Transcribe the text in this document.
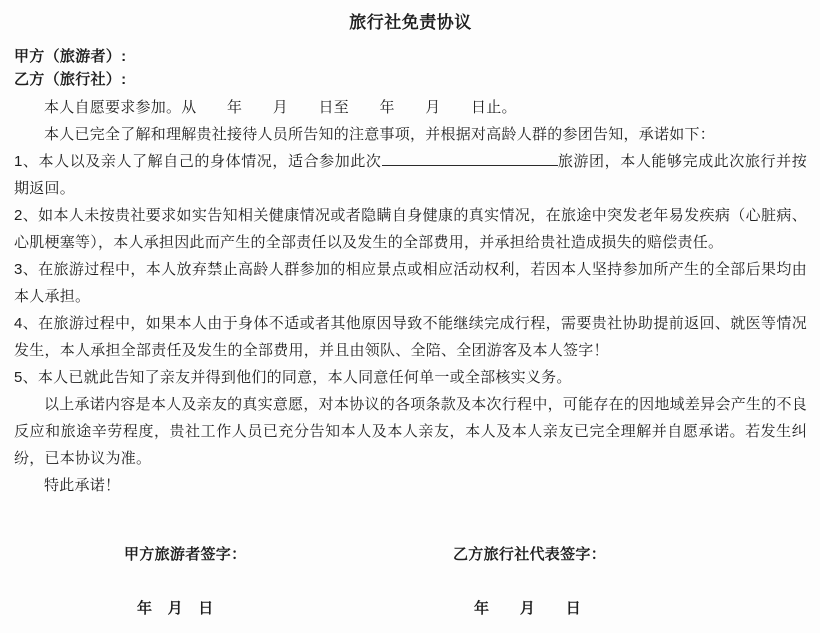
旅行社免责协议
甲方（旅游者）:
乙方（旅行社）:

本人自愿要求参加。从　　年　　月　　日至　　年　　月　　日止。

本人已完全了解和理解贵社接待人员所告知的注意事项，并根据对高龄人群的参团告知，承诺如下：

1、本人以及亲人了解自己的身体情况，适合参加此次	旅游团，本人能够完成此次旅行并按期返回。

2、如本人未按贵社要求如实告知相关健康情况或者隐瞒自身健康的真实情况，在旅途中突发老年易发疾病（心脏病、心肌梗塞等），本人承担因此而产生的全部责任以及发生的全部费用，并承担给贵社造成损失的赔偿责任。

3、在旅游过程中，本人放弃禁止高龄人群参加的相应景点或相应活动权利，若因本人坚持参加所产生的全部后果均由本人承担。

4、在旅游过程中，如果本人由于身体不适或者其他原因导致不能继续完成行程，需要贵社协助提前返回、就医等情况发生，本人承担全部责任及发生的全部费用，并且由领队、全陪、全团游客及本人签字！

5、本人已就此告知了亲友并得到他们的同意，本人同意任何单一或全部核实义务。

以上承诺内容是本人及亲友的真实意愿，对本协议的各项条款及本次行程中，可能存在的因地域差异会产生的不良反应和旅途辛劳程度，贵社工作人员已充分告知本人及本人亲友，本人及本人亲友已完全理解并自愿承诺。若发生纠纷，已本协议为准。

特此承诺！

甲方旅游者签字：	乙方旅行社代表签字：
年　月　日	年　　月　　日
